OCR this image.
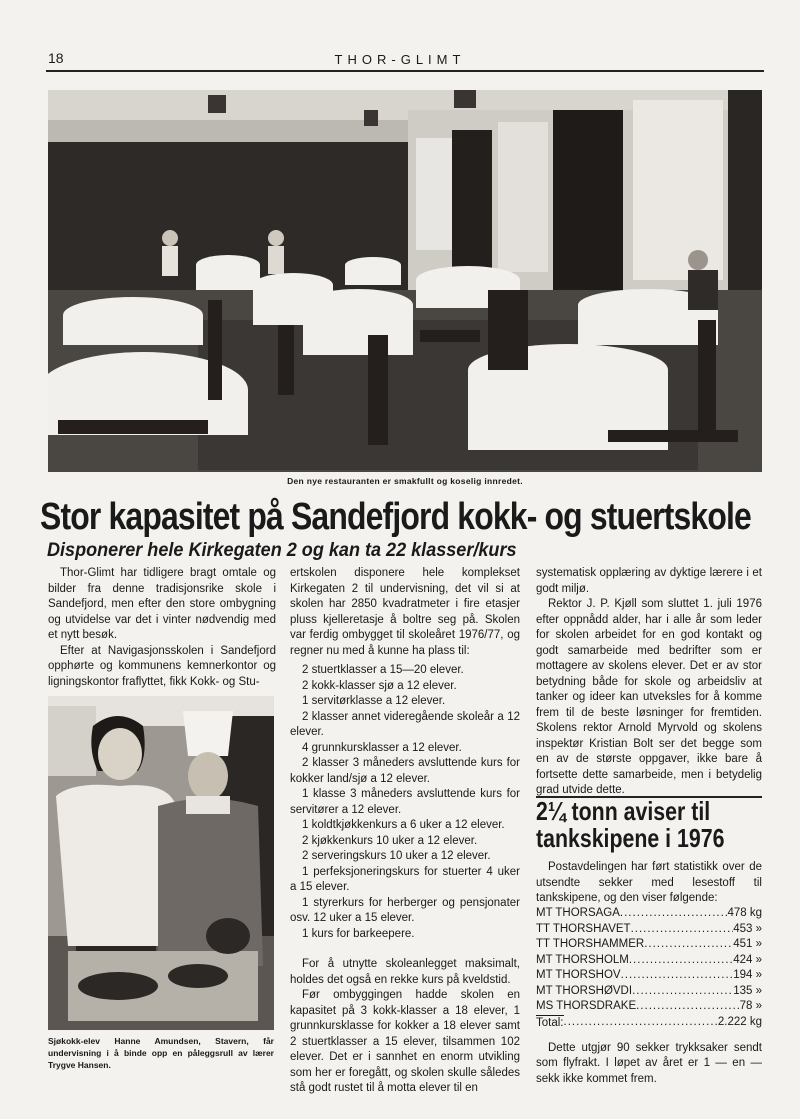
18	THOR-GLIMT
Den nye restauranten er smakfullt og koselig innredet.
Stor kapasitet på Sandefjord kokk- og stuertskole
Disponerer hele Kirkegaten 2 og kan ta 22 klasser/kurs

Thor-Glimt har tidligere bragt omtale og bilder fra denne tradisjonsrike skole i Sandefjord, men efter den store ombygning og utvidelse var det i vinter nødvendig med et nytt besøk.

Efter at Navigasjonsskolen i Sandefjord opphørte og kommunens kemnerkontor og ligningskontor fraflyttet, fikk Kokk- og Stu-

Sjøkokk-elev Hanne Amundsen, Stavern, får undervisning i å binde opp en påleggsrull av lærer Trygve Hansen.

ertskolen disponere hele komplekset Kirkegaten 2 til undervisning, det vil si at skolen har 2850 kvadratmeter i fire etasjer pluss kjelleretasje å boltre seg på. Skolen var ferdig ombygget til skoleåret 1976/77, og regner nu med å kunne ha plass til:

2 stuertklasser a 15—20 elever.

2 kokk-klasser sjø a 12 elever.

1 servitørklasse a 12 elever.

2 klasser annet videregående skoleår a 12 elever.

4 grunnkursklasser a 12 elever.

2 klasser 3 måneders avsluttende kurs for kokker land/sjø a 12 elever.

1 klasse 3 måneders avsluttende kurs for servitører a 12 elever.

1 koldtkjøkkenkurs a 6 uker a 12 elever.

2 kjøkkenkurs 10 uker a 12 elever.

2 serveringskurs 10 uker a 12 elever.

1 perfeksjoneringskurs for stuerter 4 uker a 15 elever.

1 styrerkurs for herberger og pensjonater osv. 12 uker a 15 elever.

1 kurs for barkeepere.

For å utnytte skoleanlegget maksimalt, holdes det også en rekke kurs på kveldstid.

Før ombyggingen hadde skolen en kapasitet på 3 kokk-klasser a 18 elever, 1 grunnkursklasse for kokker a 18 elever samt 2 stuertklasser a 15 elever, tilsammen 102 elever. Det er i sannhet en enorm utvikling som her er foregått, og skolen skulle således stå godt rustet til å motta elever til en

systematisk opplæring av dyktige lærere i et godt miljø.

Rektor J. P. Kjøll som sluttet 1. juli 1976 efter oppnådd alder, har i alle år som leder for skolen arbeidet for en god kontakt og godt samarbeide med bedrifter som er mottagere av skolens elever. Det er av stor betydning både for skole og arbeidsliv at tanker og ideer kan utveksles for å komme frem til de beste løsninger for fremtiden. Skolens rektor Arnold Myrvold og skolens inspektør Kristian Bolt ser det begge som en av de største oppgaver, ikke bare å fortsette dette samarbeide, men i betydelig grad utvide dette.

2¼ tonn aviser til
tankskipene i 1976

Postavdelingen har ført statistikk over de utsendte sekker med lesestoff til tankskipene, og den viser følgende:

MT THORSAGA .....	478 kg
TT THORSHAVET .....	453 »
TT THORSHAMMER .....	451 »
MT THORSHOLM .....	424 »
MT THORSHOV .....	194 »
MT THORSHØVDI .....	135 »
MS THORSDRAKE .....	78 »
Total: .....	2.222 kg

Dette utgjør 90 sekker trykksaker sendt som flyfrakt. I løpet av året er 1 — en — sekk ikke kommet frem.
